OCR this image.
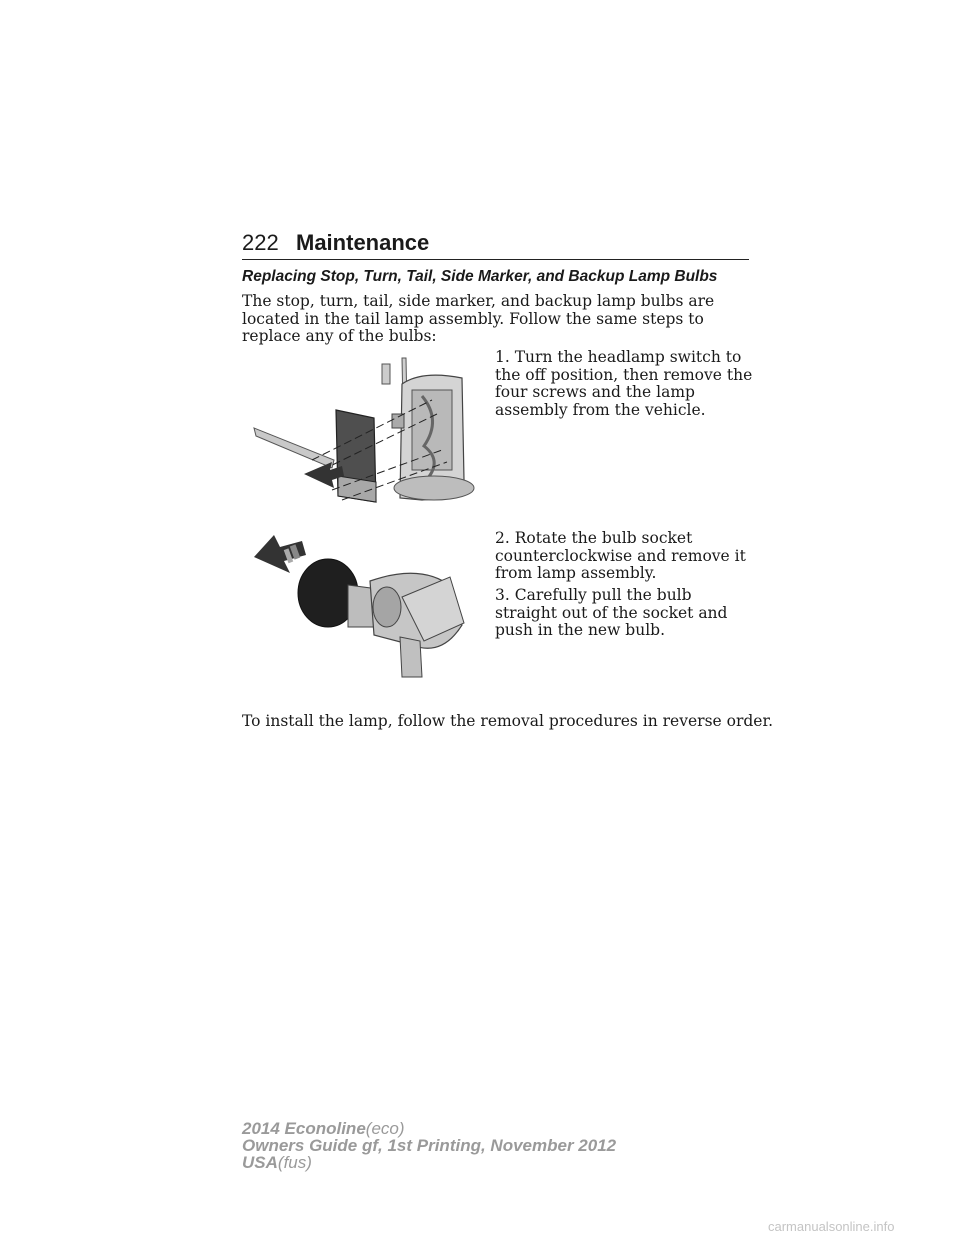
222 Maintenance
Replacing Stop, Turn, Tail, Side Marker, and Backup Lamp Bulbs
The stop, turn, tail, side marker, and backup lamp bulbs are located in the tail lamp assembly. Follow the same steps to replace any of the bulbs:
1. Turn the headlamp switch to the off position, then remove the four screws and the lamp assembly from the vehicle.
2. Rotate the bulb socket counterclockwise and remove it from lamp assembly.
3. Carefully pull the bulb straight out of the socket and push in the new bulb.
To install the lamp, follow the removal procedures in reverse order.
2014 Econoline(eco)
Owners Guide gf, 1st Printing, November 2012
USA(fus)
carmanualsonline.info
